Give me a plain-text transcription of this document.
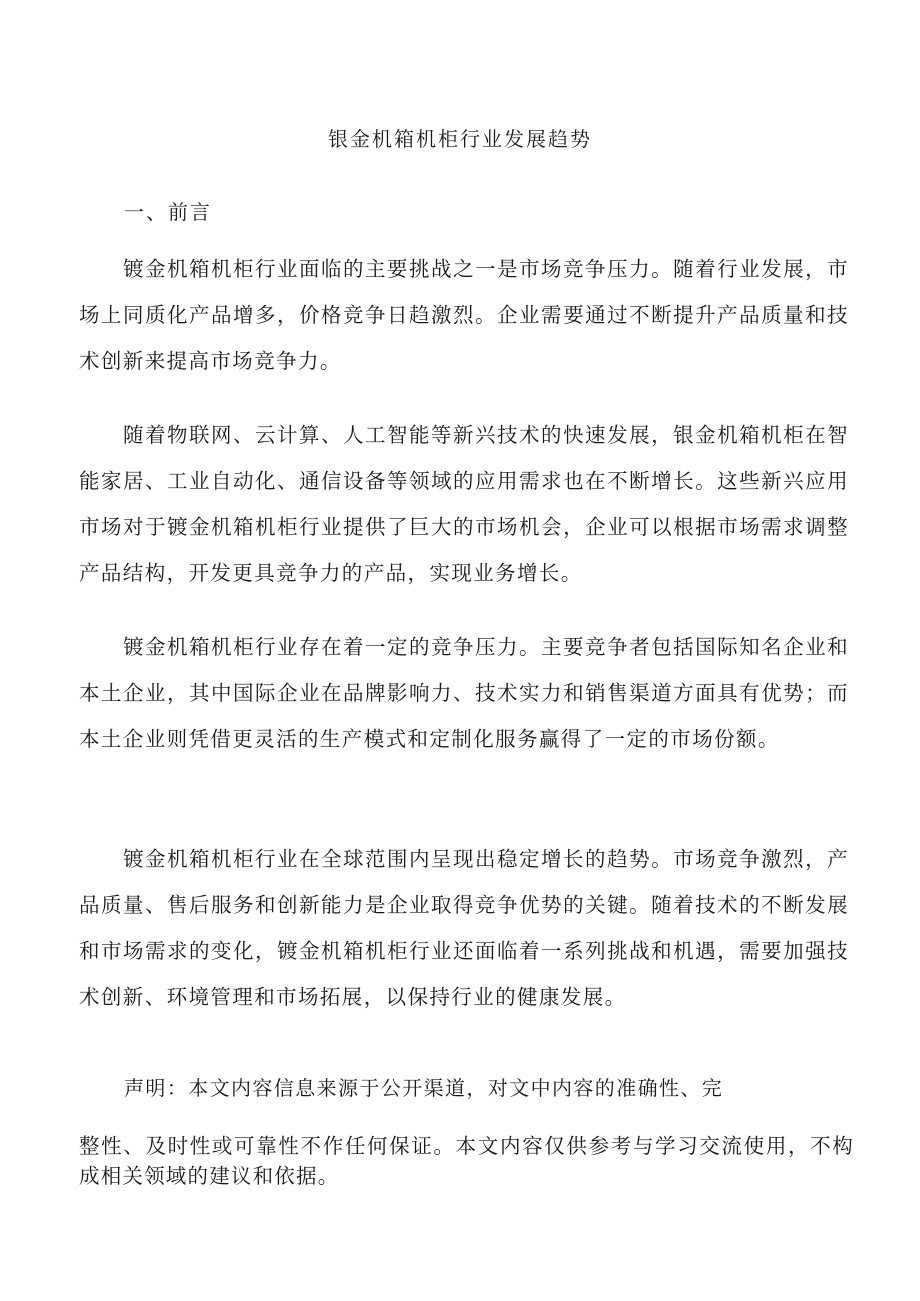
银金机箱机柜行业发展趋势
一、前言

镀金机箱机柜行业面临的主要挑战之一是市场竞争压力。随着行业发展，市场上同质化产品增多，价格竞争日趋激烈。企业需要通过不断提升产品质量和技术创新来提高市场竞争力。

随着物联网、云计算、人工智能等新兴技术的快速发展，银金机箱机柜在智能家居、工业自动化、通信设备等领域的应用需求也在不断增长。这些新兴应用市场对于镀金机箱机柜行业提供了巨大的市场机会，企业可以根据市场需求调整产品结构，开发更具竞争力的产品，实现业务增长。

镀金机箱机柜行业存在着一定的竞争压力。主要竞争者包括国际知名企业和本土企业，其中国际企业在品牌影响力、技术实力和销售渠道方面具有优势；而本土企业则凭借更灵活的生产模式和定制化服务赢得了一定的市场份额。

镀金机箱机柜行业在全球范围内呈现出稳定增长的趋势。市场竞争激烈，产品质量、售后服务和创新能力是企业取得竞争优势的关键。随着技术的不断发展和市场需求的变化，镀金机箱机柜行业还面临着一系列挑战和机遇，需要加强技术创新、环境管理和市场拓展，以保持行业的健康发展。

声明：本文内容信息来源于公开渠道，对文中内容的准确性、完

整性、及时性或可靠性不作任何保证。本文内容仅供参考与学习交流使用，不构成相关领域的建议和依据。
